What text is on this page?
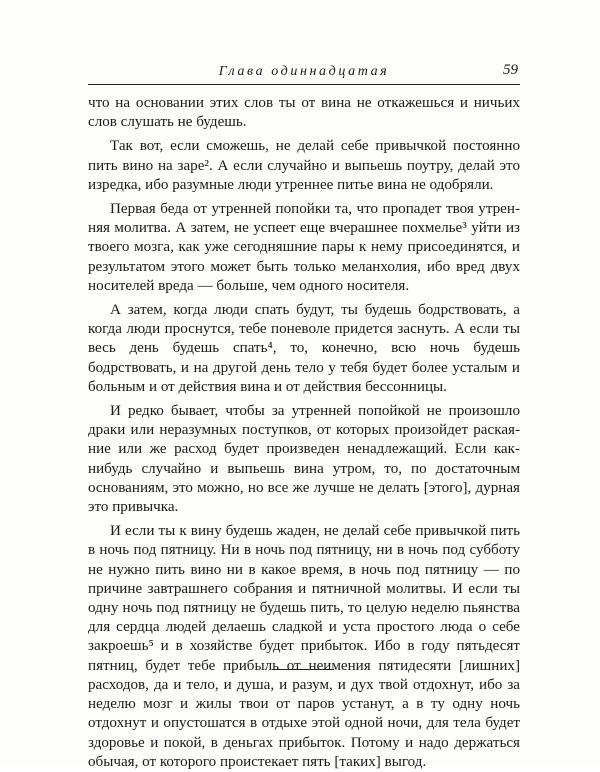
Глава одиннадцатая	59

что на основании этих слов ты от вина не откажешься и ничьих слов слушать не будешь.

Так вот, если сможешь, не делай себе привычкой постоянно пить вино на заре². А если случайно и выпьешь поутру, делай это изредка, ибо разумные люди утреннее питье вина не одобряли.

Первая беда от утренней попойки та, что пропадет твоя утренняя молитва. А затем, не успеет еще вчерашнее похмелье³ уйти из твоего мозга, как уже сегодняшние пары к нему присоединятся, и результатом этого может быть только меланхолия, ибо вред двух носителей вреда — больше, чем одного носителя.

А затем, когда люди спать будут, ты будешь бодрствовать, а когда люди проснутся, тебе поневоле придется заснуть. А если ты весь день будешь спать⁴, то, конечно, всю ночь будешь бодрствовать, и на другой день тело у тебя будет более усталым и больным и от действия вина и от действия бессонницы.

И редко бывает, чтобы за утренней попойкой не произошло драки или неразумных поступков, от которых произойдет раскаяние или же расход будет произведен ненадлежащий. Если как-нибудь случайно и выпьешь вина утром, то, по достаточным основаниям, это можно, но все же лучше не делать [этого], дурная это привычка.

И если ты к вину будешь жаден, не делай себе привычкой пить в ночь под пятницу. Ни в ночь под пятницу, ни в ночь под субботу не нужно пить вино ни в какое время, в ночь под пятницу — по причине завтрашнего собрания и пятничной молитвы. И если ты одну ночь под пятницу не будешь пить, то целую неделю пьянства для сердца людей делаешь сладкой и уста простого люда о себе закроешь⁵ и в хозяйстве будет прибыток. Ибо в году пятьдесят пятниц, будет тебе прибыль от неимения пятидесяти [лишних] расходов, да и тело, и душа, и разум, и дух твой отдохнут, ибо за неделю мозг и жилы твои от паров устанут, а в ту одну ночь отдохнут и опустошатся в отдыхе этой одной ночи, для тела будет здоровье и покой, в деньгах прибыток. Потому и надо держаться обычая, от которого проистекает пять [таких] выгод.
